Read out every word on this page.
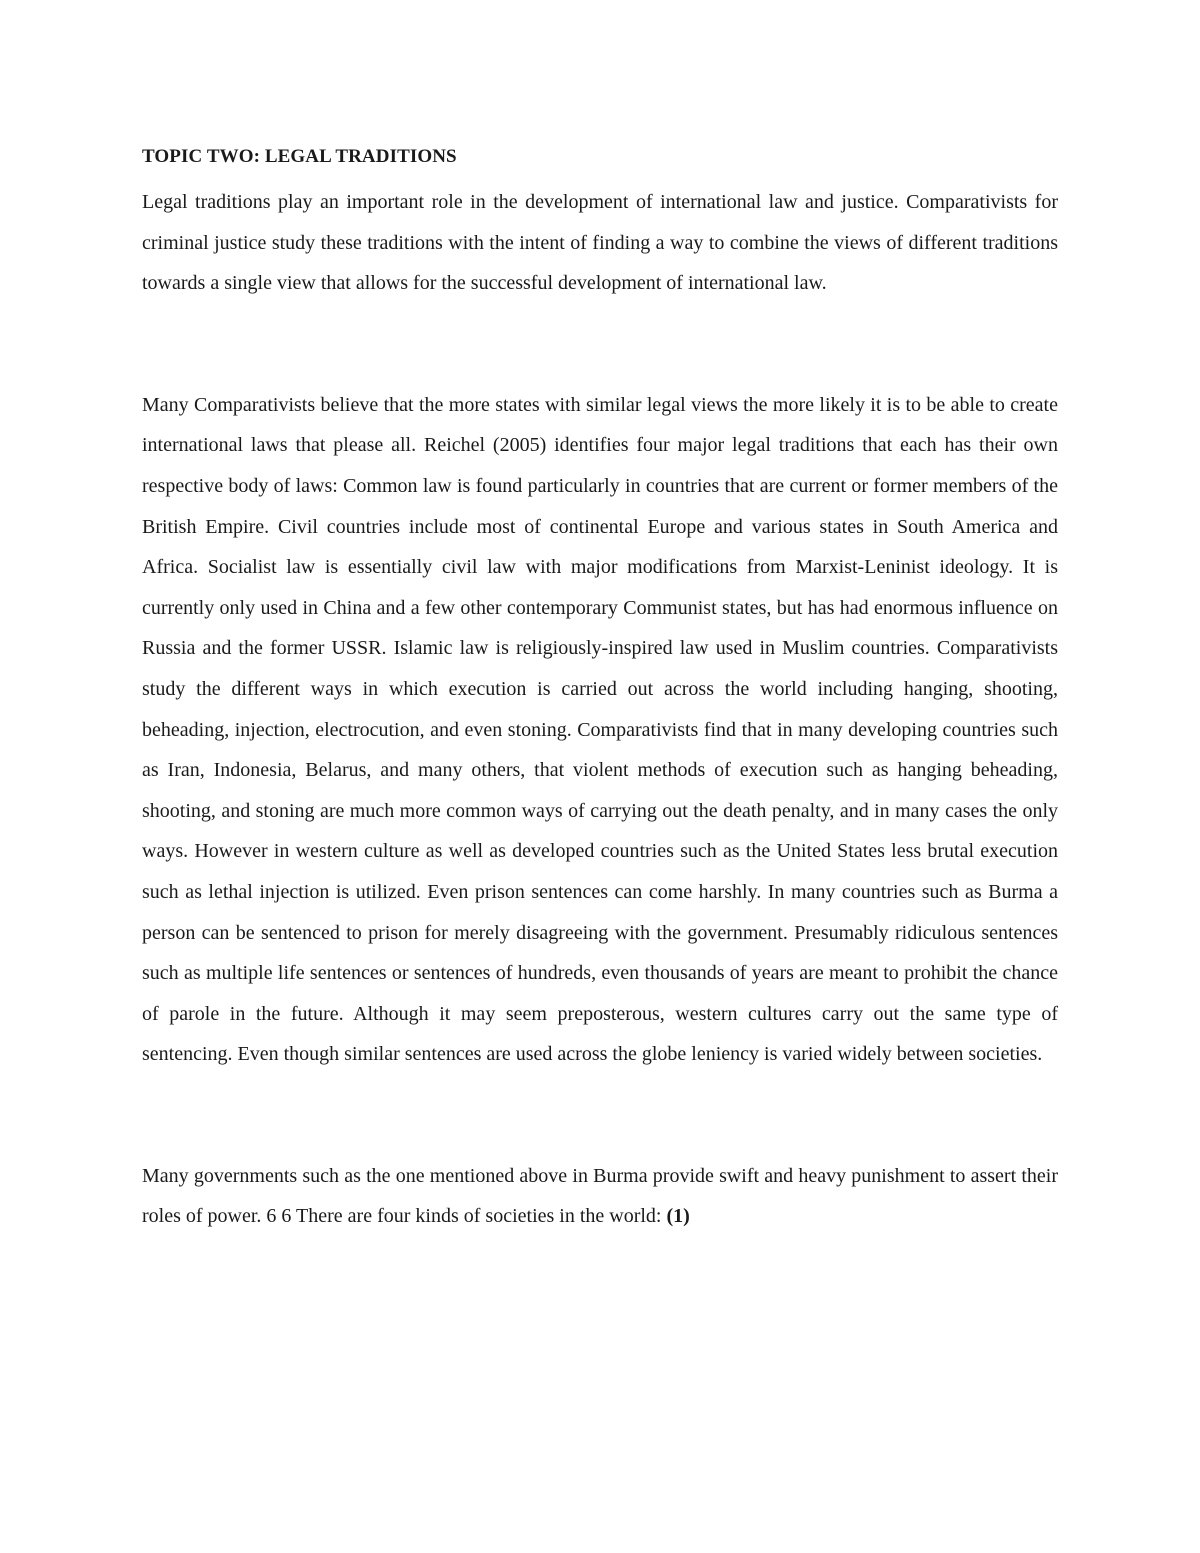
TOPIC TWO: LEGAL TRADITIONS

Legal traditions play an important role in the development of international law and justice. Comparativists for criminal justice study these traditions with the intent of finding a way to combine the views of different traditions towards a single view that allows for the successful development of international law.

Many Comparativists believe that the more states with similar legal views the more likely it is to be able to create international laws that please all. Reichel (2005) identifies four major legal traditions that each has their own respective body of laws: Common law is found particularly in countries that are current or former members of the British Empire. Civil countries include most of continental Europe and various states in South America and Africa. Socialist law is essentially civil law with major modifications from Marxist-Leninist ideology. It is currently only used in China and a few other contemporary Communist states, but has had enormous influence on Russia and the former USSR. Islamic law is religiously-inspired law used in Muslim countries. Comparativists study the different ways in which execution is carried out across the world including hanging, shooting, beheading, injection, electrocution, and even stoning. Comparativists find that in many developing countries such as Iran, Indonesia, Belarus, and many others, that violent methods of execution such as hanging beheading, shooting, and stoning are much more common ways of carrying out the death penalty, and in many cases the only ways. However in western culture as well as developed countries such as the United States less brutal execution such as lethal injection is utilized. Even prison sentences can come harshly. In many countries such as Burma a person can be sentenced to prison for merely disagreeing with the government. Presumably ridiculous sentences such as multiple life sentences or sentences of hundreds, even thousands of years are meant to prohibit the chance of parole in the future. Although it may seem preposterous, western cultures carry out the same type of sentencing. Even though similar sentences are used across the globe leniency is varied widely between societies.

Many governments such as the one mentioned above in Burma provide swift and heavy punishment to assert their roles of power. 6 6 There are four kinds of societies in the world: (1)
